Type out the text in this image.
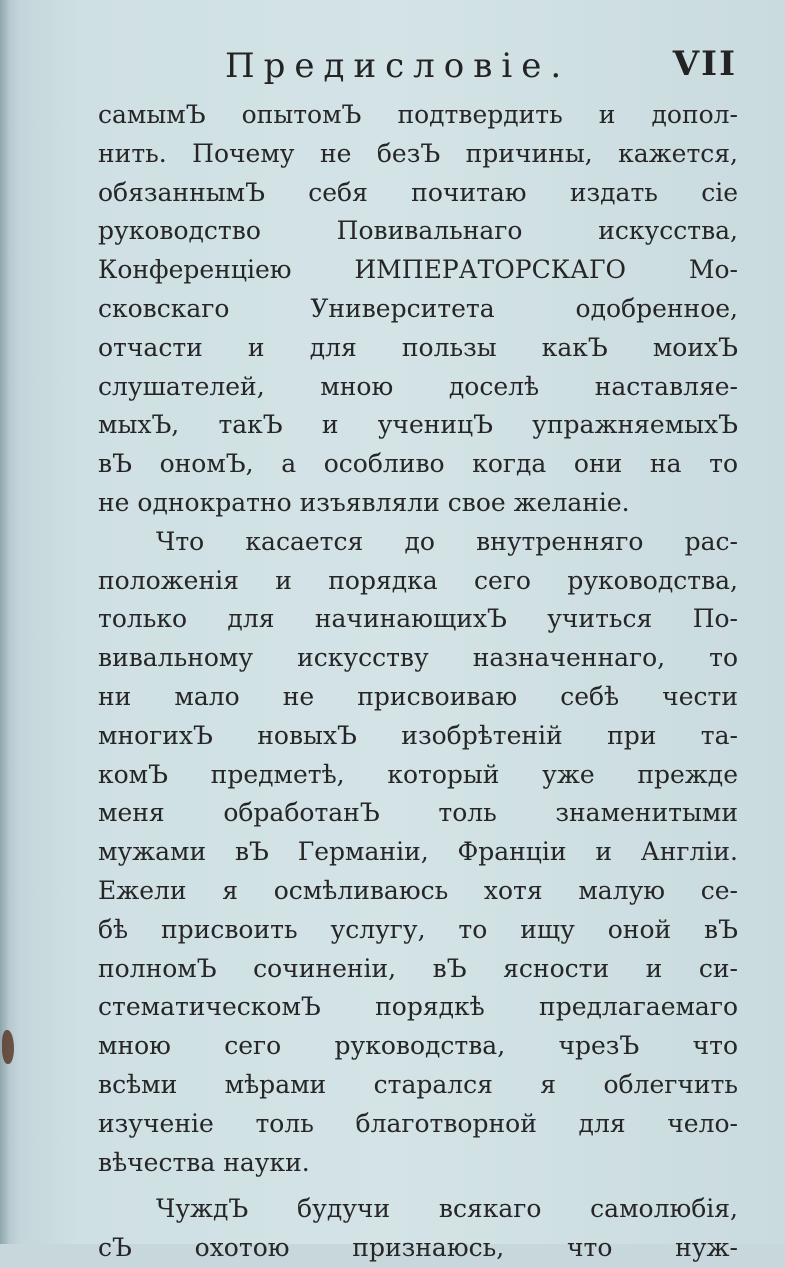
Предисловіе.	VII
самымЪ опытомЪ подтвердить и допол-
нить. Почему не безЪ причины, кажется,
обязаннымЪ себя почитаю издать сіе
руководство Повивальнаго искусства,
Конференціею ИМПЕРАТОРСКАГО Мо-
сковскаго Университета одобренное,
отчасти и для пользы какЪ моихЪ
слушателей, мною доселѣ наставляе-
мыхЪ, такЪ и ученицЪ упражняемыхЪ
вЪ ономЪ, а особливо когда они на то
не однократно изъявляли свое желаніе.
Что касается до внутренняго рас-
положенія и порядка сего руководства,
только для начинающихЪ учиться По-
вивальному искусству назначеннаго, то
ни мало не присвоиваю себѣ чести
многихЪ новыхЪ изобрѣтеній при та-
комЪ предметѣ, который уже прежде
меня обработанЪ толь знаменитыми
мужами вЪ Германіи, Франціи и Англіи.
Ежели я осмѣливаюсь хотя малую се-
бѣ присвоить услугу, то ищу оной вЪ
полномЪ сочиненіи, вЪ ясности и си-
стематическомЪ порядкѣ предлагаемаго
мною сего руководства, чрезЪ что
всѣми мѣрами старался я облегчить
изученіе толь благотворной для чело-
вѣчества науки.
ЧуждЪ будучи всякаго самолюбія,
сЪ охотою признаюсь, что нуж-
